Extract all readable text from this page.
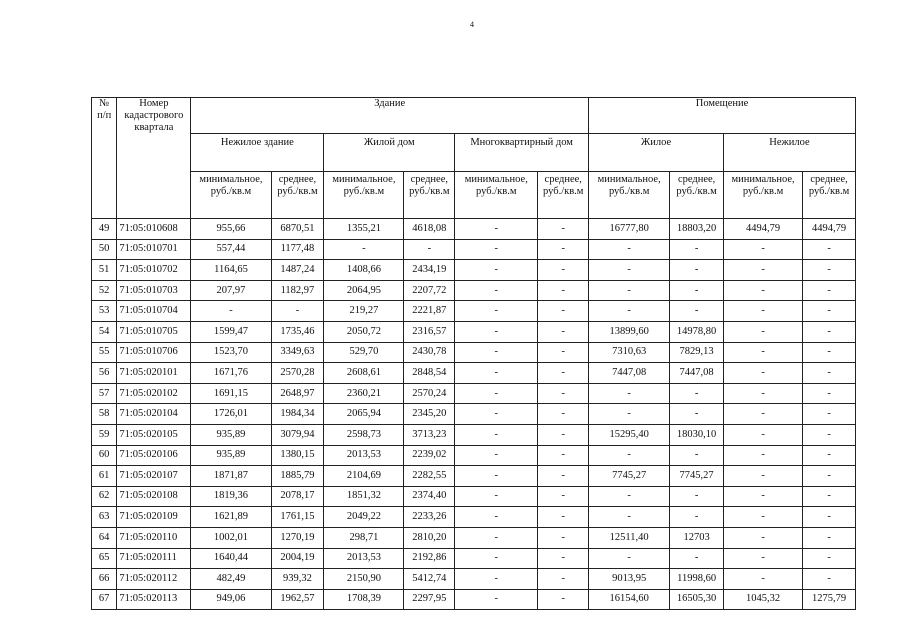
4
№ п/п	Номер кадастрового квартала	Здание						Помещение			
		Нежилое здание		Жилой дом		Многоквартирный дом		Жилое		Нежилое	
		минимальное, руб./кв.м	среднее, руб./кв.м	минимальное, руб./кв.м	среднее, руб./кв.м	минимальное, руб./кв.м	среднее, руб./кв.м	минимальное, руб./кв.м	среднее, руб./кв.м	минимальное, руб./кв.м	среднее, руб./кв.м
49	71:05:010608	955,66	6870,51	1355,21	4618,08	-	-	16777,80	18803,20	4494,79	4494,79
50	71:05:010701	557,44	1177,48	-	-	-	-	-	-	-	-
51	71:05:010702	1164,65	1487,24	1408,66	2434,19	-	-	-	-	-	-
52	71:05:010703	207,97	1182,97	2064,95	2207,72	-	-	-	-	-	-
53	71:05:010704	-	-	219,27	2221,87	-	-	-	-	-	-
54	71:05:010705	1599,47	1735,46	2050,72	2316,57	-	-	13899,60	14978,80	-	-
55	71:05:010706	1523,70	3349,63	529,70	2430,78	-	-	7310,63	7829,13	-	-
56	71:05:020101	1671,76	2570,28	2608,61	2848,54	-	-	7447,08	7447,08	-	-
57	71:05:020102	1691,15	2648,97	2360,21	2570,24	-	-	-	-	-	-
58	71:05:020104	1726,01	1984,34	2065,94	2345,20	-	-	-	-	-	-
59	71:05:020105	935,89	3079,94	2598,73	3713,23	-	-	15295,40	18030,10	-	-
60	71:05:020106	935,89	1380,15	2013,53	2239,02	-	-	-	-	-	-
61	71:05:020107	1871,87	1885,79	2104,69	2282,55	-	-	7745,27	7745,27	-	-
62	71:05:020108	1819,36	2078,17	1851,32	2374,40	-	-	-	-	-	-
63	71:05:020109	1621,89	1761,15	2049,22	2233,26	-	-	-	-	-	-
64	71:05:020110	1002,01	1270,19	298,71	2810,20	-	-	12511,40	12703	-	-
65	71:05:020111	1640,44	2004,19	2013,53	2192,86	-	-	-	-	-	-
66	71:05:020112	482,49	939,32	2150,90	5412,74	-	-	9013,95	11998,60	-	-
67	71:05:020113	949,06	1962,57	1708,39	2297,95	-	-	16154,60	16505,30	1045,32	1275,79
